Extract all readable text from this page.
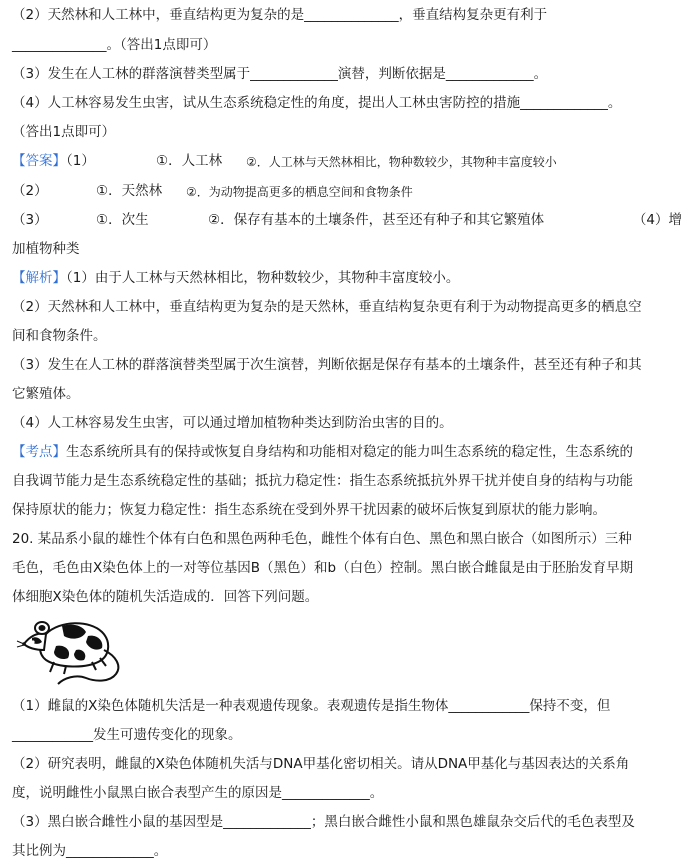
（2）天然林和人工林中，垂直结构更为复杂的是______________，垂直结构复杂更有利于
______________。（答出1点即可）
（3）发生在人工林的群落演替类型属于_____________演替，判断依据是_____________。
（4）人工林容易发生虫害，试从生态系统稳定性的角度，提出人工林虫害防控的措施_____________。
（答出1点即可）
【答案】（1）	①．人工林 ②．人工林与天然林相比，物种数较少，其物种丰富度较小
（2）	①．天然林 ②．为动物提高更多的栖息空间和食物条件
（3）	①．次生	②．保存有基本的土壤条件，甚至还有种子和其它繁殖体	（4）增
加植物种类
【解析】（1）由于人工林与天然林相比，物种数较少，其物种丰富度较小。
（2）天然林和人工林中，垂直结构更为复杂的是天然林，垂直结构复杂更有利于为动物提高更多的栖息空
间和食物条件。
（3）发生在人工林的群落演替类型属于次生演替，判断依据是保存有基本的土壤条件，甚至还有种子和其
它繁殖体。
（4）人工林容易发生虫害，可以通过增加植物种类达到防治虫害的目的。
【考点】生态系统所具有的保持或恢复自身结构和功能相对稳定的能力叫生态系统的稳定性，生态系统的
自我调节能力是生态系统稳定性的基础；抵抗力稳定性：指生态系统抵抗外界干扰并使自身的结构与功能
保持原状的能力；恢复力稳定性：指生态系统在受到外界干扰因素的破坏后恢复到原状的能力影响。
20. 某品系小鼠的雄性个体有白色和黑色两种毛色，雌性个体有白色、黑色和黑白嵌合（如图所示）三种
毛色，毛色由X染色体上的一对等位基因B（黑色）和b（白色）控制。黑白嵌合雌鼠是由于胚胎发育早期
体细胞X染色体的随机失活造成的．回答下列问题。
（1）雌鼠的X染色体随机失活是一种表观遗传现象。表观遗传是指生物体____________保持不变，但
____________发生可遗传变化的现象。
（2）研究表明，雌鼠的X染色体随机失活与DNA甲基化密切相关。请从DNA甲基化与基因表达的关系角
度，说明雌性小鼠黑白嵌合表型产生的原因是_____________。
（3）黑白嵌合雌性小鼠的基因型是_____________；黑白嵌合雌性小鼠和黑色雄鼠杂交后代的毛色表型及
其比例为_____________。
